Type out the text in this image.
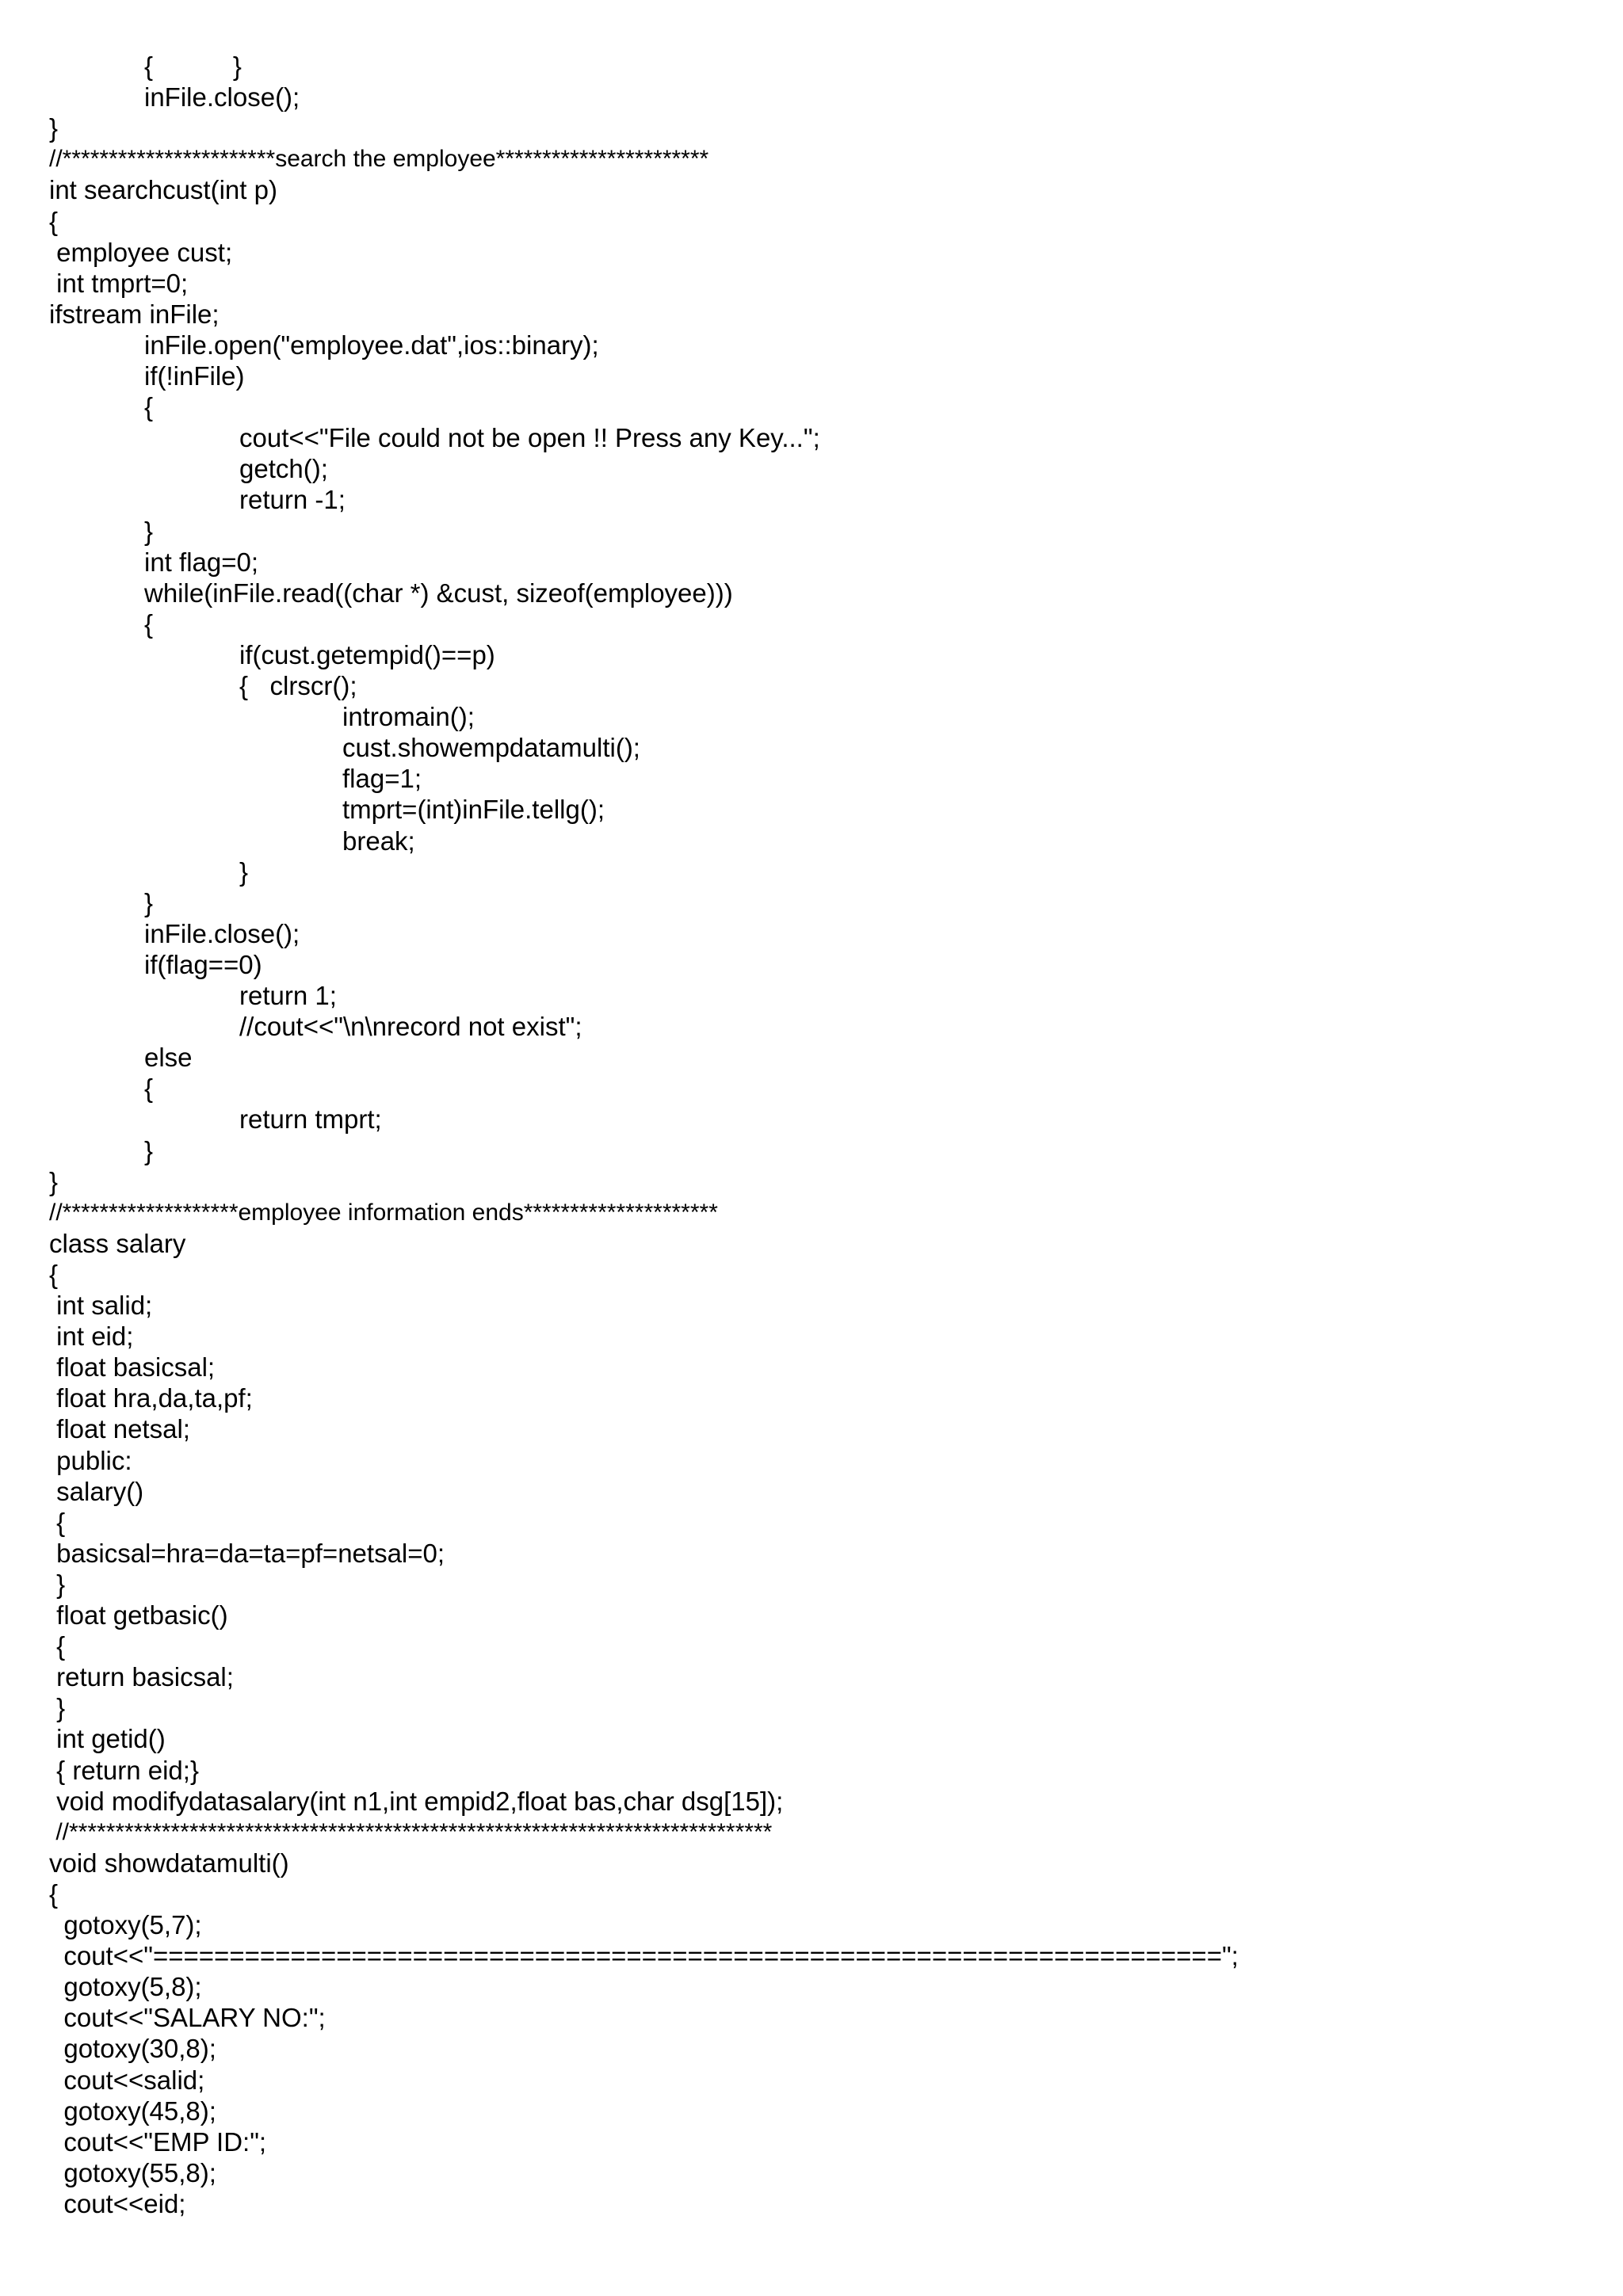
{           }
inFile.close();
}
//***********************search the employee***********************
int searchcust(int p)
{
employee cust;
int tmprt=0;
ifstream inFile;
inFile.open("employee.dat",ios::binary);
if(!inFile)
{
cout<<"File could not be open !! Press any Key...";
getch();
return -1;
}
int flag=0;
while(inFile.read((char *) &cust, sizeof(employee)))
{
if(cust.getempid()==p)
{   clrscr();
intromain();
cust.showempdatamulti();
flag=1;
tmprt=(int)inFile.tellg();
break;
}
}
inFile.close();
if(flag==0)
return 1;
//cout<<"\n\nrecord not exist";
else
{
return tmprt;
}
}
//*******************employee information ends*********************
class salary
{
int salid;
int eid;
float basicsal;
float hra,da,ta,pf;
float netsal;
public:
salary()
{
basicsal=hra=da=ta=pf=netsal=0;
}
float getbasic()
{
return basicsal;
}
int getid()
{ return eid;}
void modifydatasalary(int n1,int empid2,float bas,char dsg[15]);
//****************************************************************************
void showdatamulti()
{
gotoxy(5,7);
cout<<"======================================================================";
gotoxy(5,8);
cout<<"SALARY NO:";
gotoxy(30,8);
cout<<salid;
gotoxy(45,8);
cout<<"EMP ID:";
gotoxy(55,8);
cout<<eid;
